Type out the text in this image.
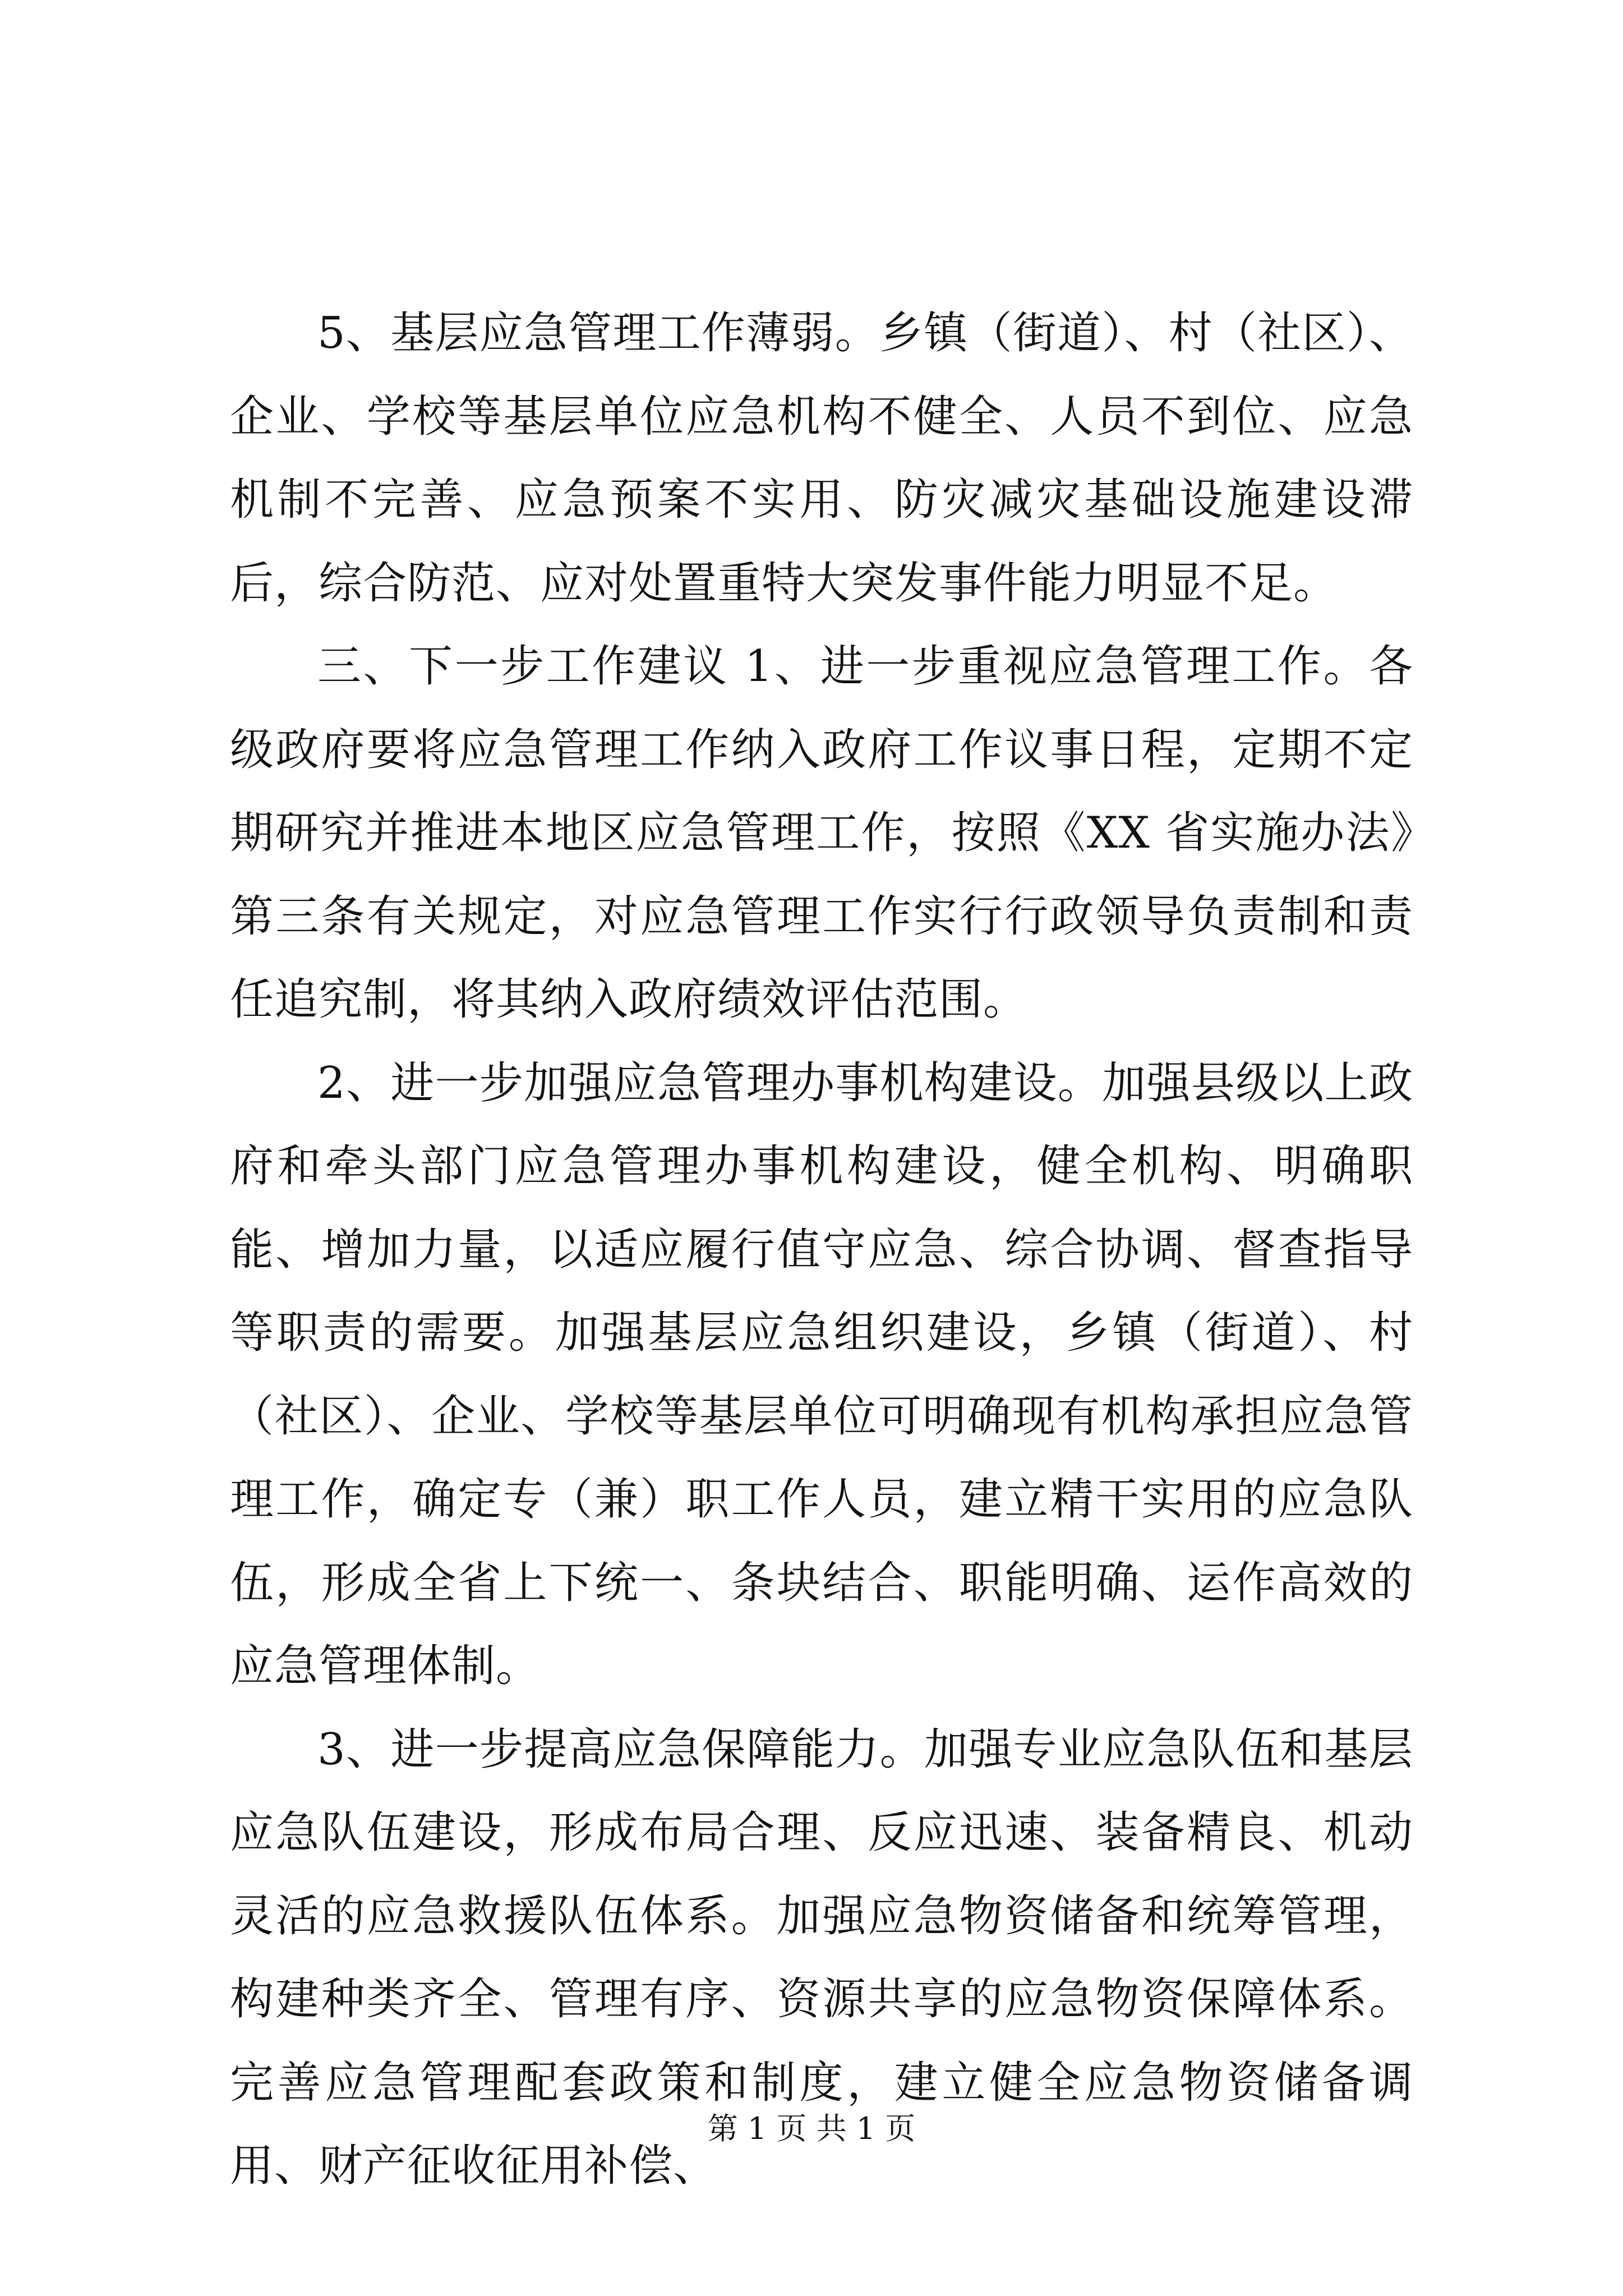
5、基层应急管理工作薄弱。乡镇（街道）、村（社区）、企业、学校等基层单位应急机构不健全、人员不到位、应急机制不完善、应急预案不实用、防灾减灾基础设施建设滞后，综合防范、应对处置重特大突发事件能力明显不足。

三、下一步工作建议 1、进一步重视应急管理工作。各级政府要将应急管理工作纳入政府工作议事日程，定期不定期研究并推进本地区应急管理工作，按照《XX 省实施办法》第三条有关规定，对应急管理工作实行行政领导负责制和责任追究制，将其纳入政府绩效评估范围。

2、进一步加强应急管理办事机构建设。加强县级以上政府和牵头部门应急管理办事机构建设，健全机构、明确职能、增加力量，以适应履行值守应急、综合协调、督查指导等职责的需要。加强基层应急组织建设，乡镇（街道）、村（社区）、企业、学校等基层单位可明确现有机构承担应急管理工作，确定专（兼）职工作人员，建立精干实用的应急队伍，形成全省上下统一、条块结合、职能明确、运作高效的应急管理体制。

3、进一步提高应急保障能力。加强专业应急队伍和基层应急队伍建设，形成布局合理、反应迅速、装备精良、机动灵活的应急救援队伍体系。加强应急物资储备和统筹管理，构建种类齐全、管理有序、资源共享的应急物资保障体系。完善应急管理配套政策和制度，建立健全应急物资储备调用、财产征收征用补偿、

第 1 页 共 1 页
